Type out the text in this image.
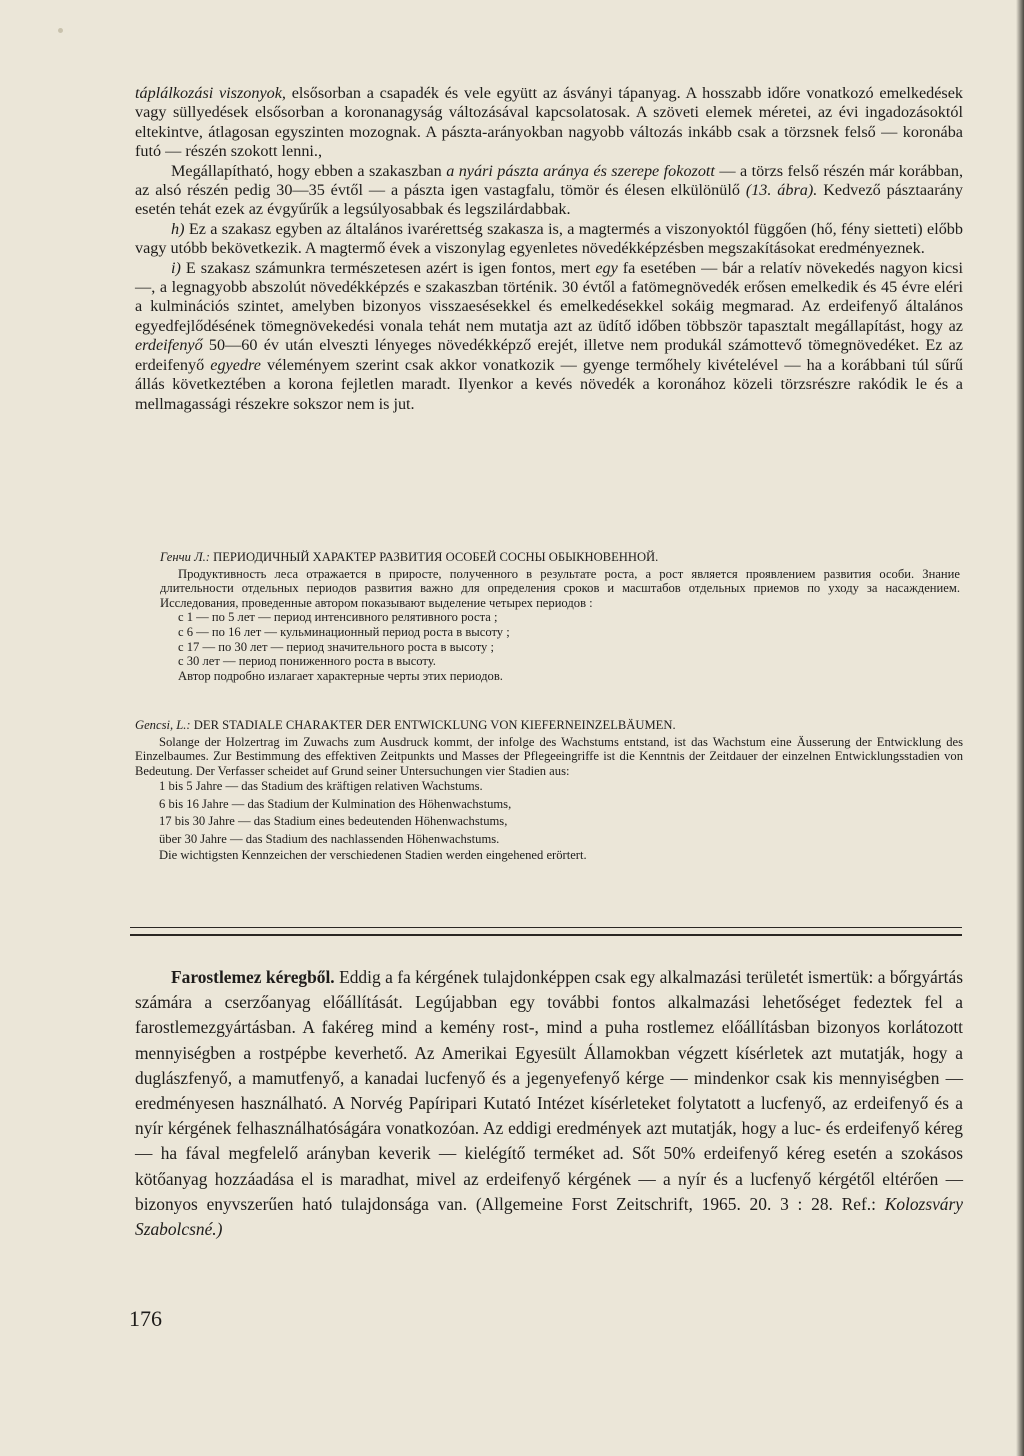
táplálkozási viszonyok, elsősorban a csapadék és vele együtt az ásványi tápanyag. A hosszabb időre vonatkozó emelkedések vagy süllyedések elsősorban a koronanagyság változásával kapcsolatosak. A szöveti elemek méretei, az évi ingadozásoktól eltekintve, átlagosan egyszinten mozognak. A pászta-arányokban nagyobb változás inkább csak a törzsnek felső — koronába futó — részén szokott lenni.,

Megállapítható, hogy ebben a szakaszban a nyári pászta aránya és szerepe fokozott — a törzs felső részén már korábban, az alsó részén pedig 30—35 évtől — a pászta igen vastagfalu, tömör és élesen elkülönülő (13. ábra). Kedvező pásztaarány esetén tehát ezek az évgyűrűk a legsúlyosabbak és legszilárdabbak.

h) Ez a szakasz egyben az általános ivarérettség szakasza is, a magtermés a viszonyoktól függően (hő, fény sietteti) előbb vagy utóbb bekövetkezik. A magtermő évek a viszonylag egyenletes növedékképzésben megszakításokat eredményeznek.

i) E szakasz számunkra természetesen azért is igen fontos, mert egy fa esetében — bár a relatív növekedés nagyon kicsi —, a legnagyobb abszolút növedékképzés e szakaszban történik. 30 évtől a fatömegnövedék erősen emelkedik és 45 évre eléri a kulminációs szintet, amelyben bizonyos visszaesésekkel és emelkedésekkel sokáig megmarad. Az erdeifenyő általános egyedfejlődésének tömegnövekedési vonala tehát nem mutatja azt az üdítő időben többször tapasztalt megállapítást, hogy az erdeifenyő 50—60 év után elveszti lényeges növedékképző erejét, illetve nem produkál számottevő tömegnövedéket. Ez az erdeifenyő egyedre véleményem szerint csak akkor vonatkozik — gyenge termőhely kivételével — ha a korábbani túl sűrű állás következtében a korona fejletlen maradt. Ilyenkor a kevés növedék a koronához közeli törzsrészre rakódik le és a mellmagassági részekre sokszor nem is jut.

Генчи Л.: ПЕРИОДИЧНЫЙ ХАРАКТЕР РАЗВИТИЯ ОСОБЕЙ СОСНЫ ОБЫКНОВЕННОЙ.

Продуктивность леса отражается в приросте, полученного в результате роста, а рост является проявлением развития особи. Знание длительности отдельных периодов развития важно для определения сроков и масштабов отдельных приемов по уходу за насаждением. Исследования, проведенные автором показывают выделение четырех периодов :

с 1 — по 5 лет — период интенсивного релятивного роста ;
с 6 — по 16 лет — кульминационный период роста в высоту ;
с 17 — по 30 лет — период значительного роста в высоту ;
с 30 лет — период пониженного роста в высоту.

Автор подробно излагает характерные черты этих периодов.

Gencsi, L.: DER STADIALE CHARAKTER DER ENTWICKLUNG VON KIEFERNEINZELBÄUMEN.

Solange der Holzertrag im Zuwachs zum Ausdruck kommt, der infolge des Wachstums entstand, ist das Wachstum eine Äusserung der Entwicklung des Einzelbaumes. Zur Bestimmung des effektiven Zeitpunkts und Masses der Pflegeeingriffe ist die Kenntnis der Zeitdauer der einzelnen Entwicklungsstadien von Bedeutung. Der Verfasser scheidet auf Grund seiner Untersuchungen vier Stadien aus:

1 bis 5 Jahre — das Stadium des kräftigen relativen Wachstums.
6 bis 16 Jahre — das Stadium der Kulmination des Höhenwachstums,
17 bis 30 Jahre — das Stadium eines bedeutenden Höhenwachstums,
über 30 Jahre — das Stadium des nachlassenden Höhenwachstums.

Die wichtigsten Kennzeichen der verschiedenen Stadien werden eingehened erörtert.

Farostlemez kéregből. Eddig a fa kérgének tulajdonképpen csak egy alkalmazási területét ismertük: a bőrgyártás számára a cserzőanyag előállítását. Legújabban egy további fontos alkalmazási lehetőséget fedeztek fel a farostlemezgyártásban. A fakéreg mind a kemény rost-, mind a puha rostlemez előállításban bizonyos korlátozott mennyiségben a rostpépbe keverhető. Az Amerikai Egyesült Államokban végzett kísérletek azt mutatják, hogy a duglászfenyő, a mamutfenyő, a kanadai lucfenyő és a jegenyefenyő kérge — mindenkor csak kis mennyiségben — eredményesen használható. A Norvég Papíripari Kutató Intézet kísérleteket folytatott a lucfenyő, az erdeifenyő és a nyír kérgének felhasználhatóságára vonatkozóan. Az eddigi eredmények azt mutatják, hogy a luc- és erdeifenyő kéreg — ha fával megfelelő arányban keverik — kielégítő terméket ad. Sőt 50% erdeifenyő kéreg esetén a szokásos kötőanyag hozzáadása el is maradhat, mivel az erdeifenyő kérgének — a nyír és a lucfenyő kérgétől eltérően — bizonyos enyvszerűen ható tulajdonsága van. (Allgemeine Forst Zeitschrift, 1965. 20. 3 : 28. Ref.: Kolozsváry Szabolcsné.)

176
